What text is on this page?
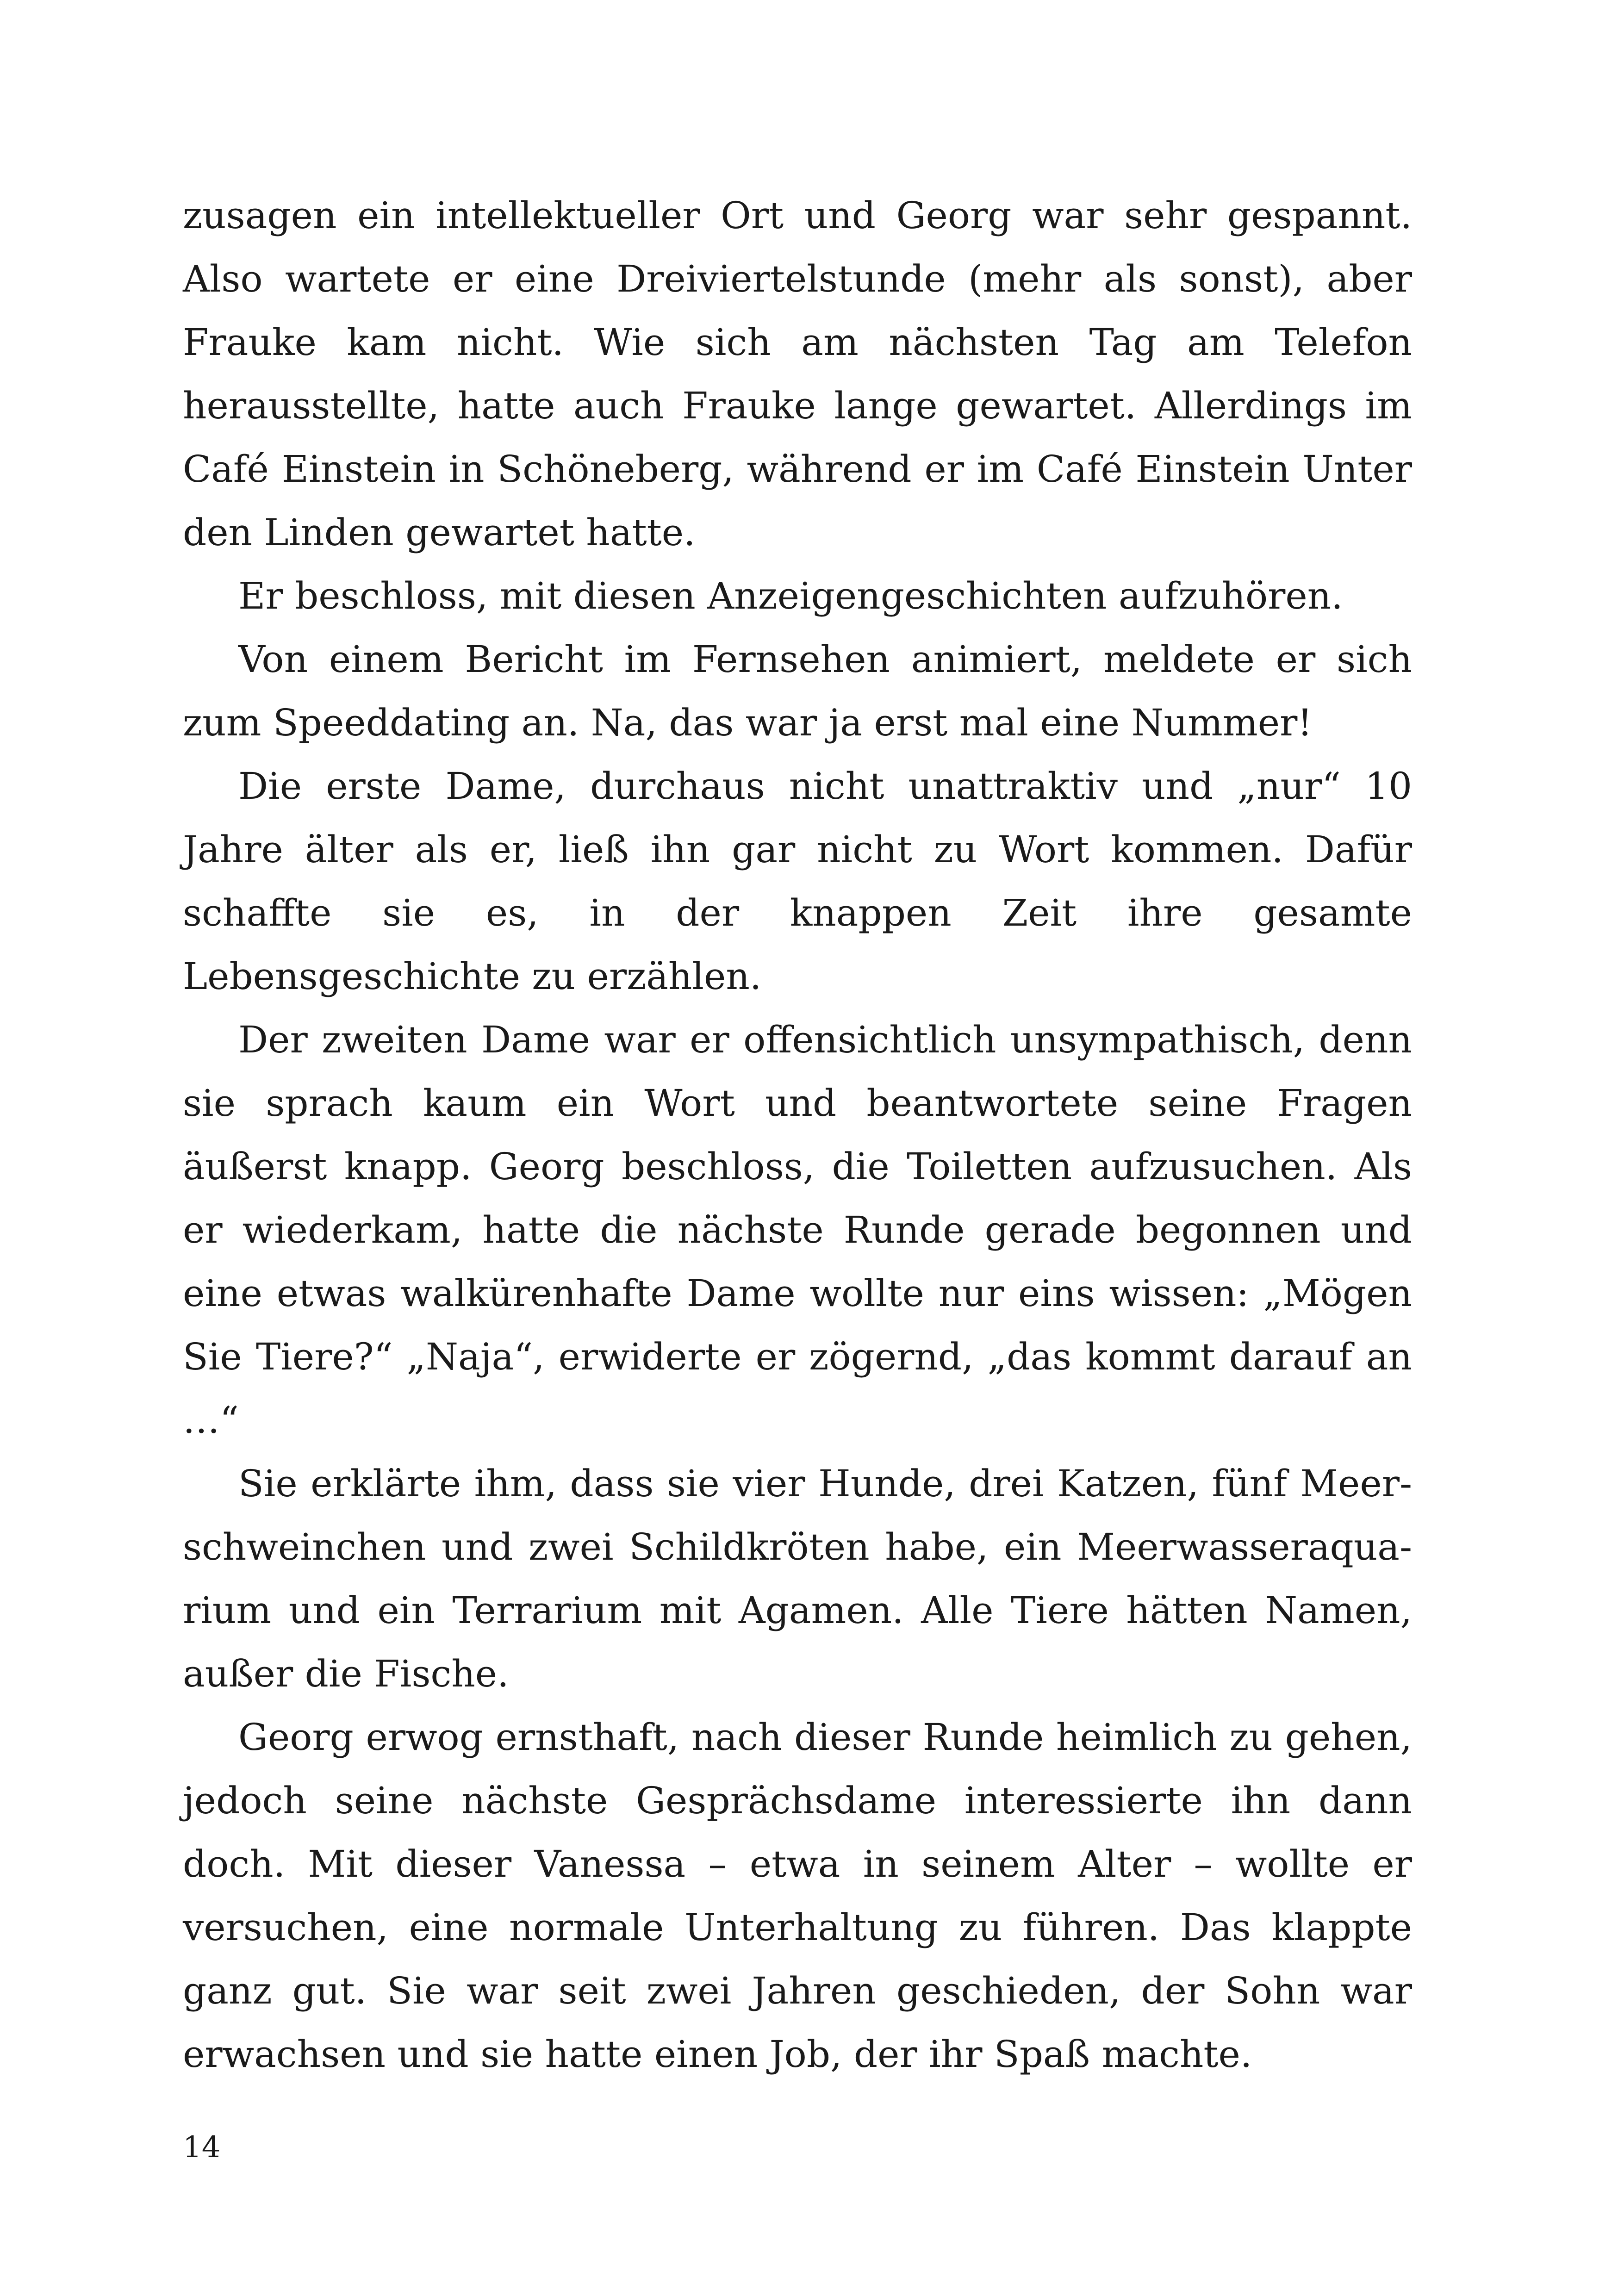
zusagen ein intellektueller Ort und Georg war sehr gespannt. Also wartete er eine Dreiviertelstunde (mehr als sonst), aber Frauke kam nicht. Wie sich am nächsten Tag am Telefon herausstellte, hatte auch Frauke lange gewartet. Allerdings im Café Einstein in Schöneberg, während er im Café Einstein Unter den Linden gewartet hatte.

Er beschloss, mit diesen Anzeigengeschichten aufzuhören.

Von einem Bericht im Fernsehen animiert, meldete er sich zum Speeddating an. Na, das war ja erst mal eine Nummer!

Die erste Dame, durchaus nicht unattraktiv und „nur“ 10 Jahre älter als er, ließ ihn gar nicht zu Wort kommen. Dafür schaffte sie es, in der knappen Zeit ihre gesamte Lebensgeschichte zu erzählen.

Der zweiten Dame war er offensichtlich unsympathisch, denn sie sprach kaum ein Wort und beantwortete seine Fragen äußerst knapp. Georg beschloss, die Toiletten aufzusuchen. Als er wiederkam, hatte die nächste Runde gerade begonnen und eine etwas walkürenhafte Dame wollte nur eins wissen: „Mögen Sie Tiere?“ „Naja“, erwiderte er zögernd, „das kommt darauf an …“

Sie erklärte ihm, dass sie vier Hunde, drei Katzen, fünf Meerschweinchen und zwei Schildkröten habe, ein Meerwasseraquarium und ein Terrarium mit Agamen. Alle Tiere hätten Namen, außer die Fische.

Georg erwog ernsthaft, nach dieser Runde heimlich zu gehen, jedoch seine nächste Gesprächsdame interessierte ihn dann doch. Mit dieser Vanessa – etwa in seinem Alter – wollte er versuchen, eine normale Unterhaltung zu führen. Das klappte ganz gut. Sie war seit zwei Jahren geschieden, der Sohn war erwachsen und sie hatte einen Job, der ihr Spaß machte.

14
